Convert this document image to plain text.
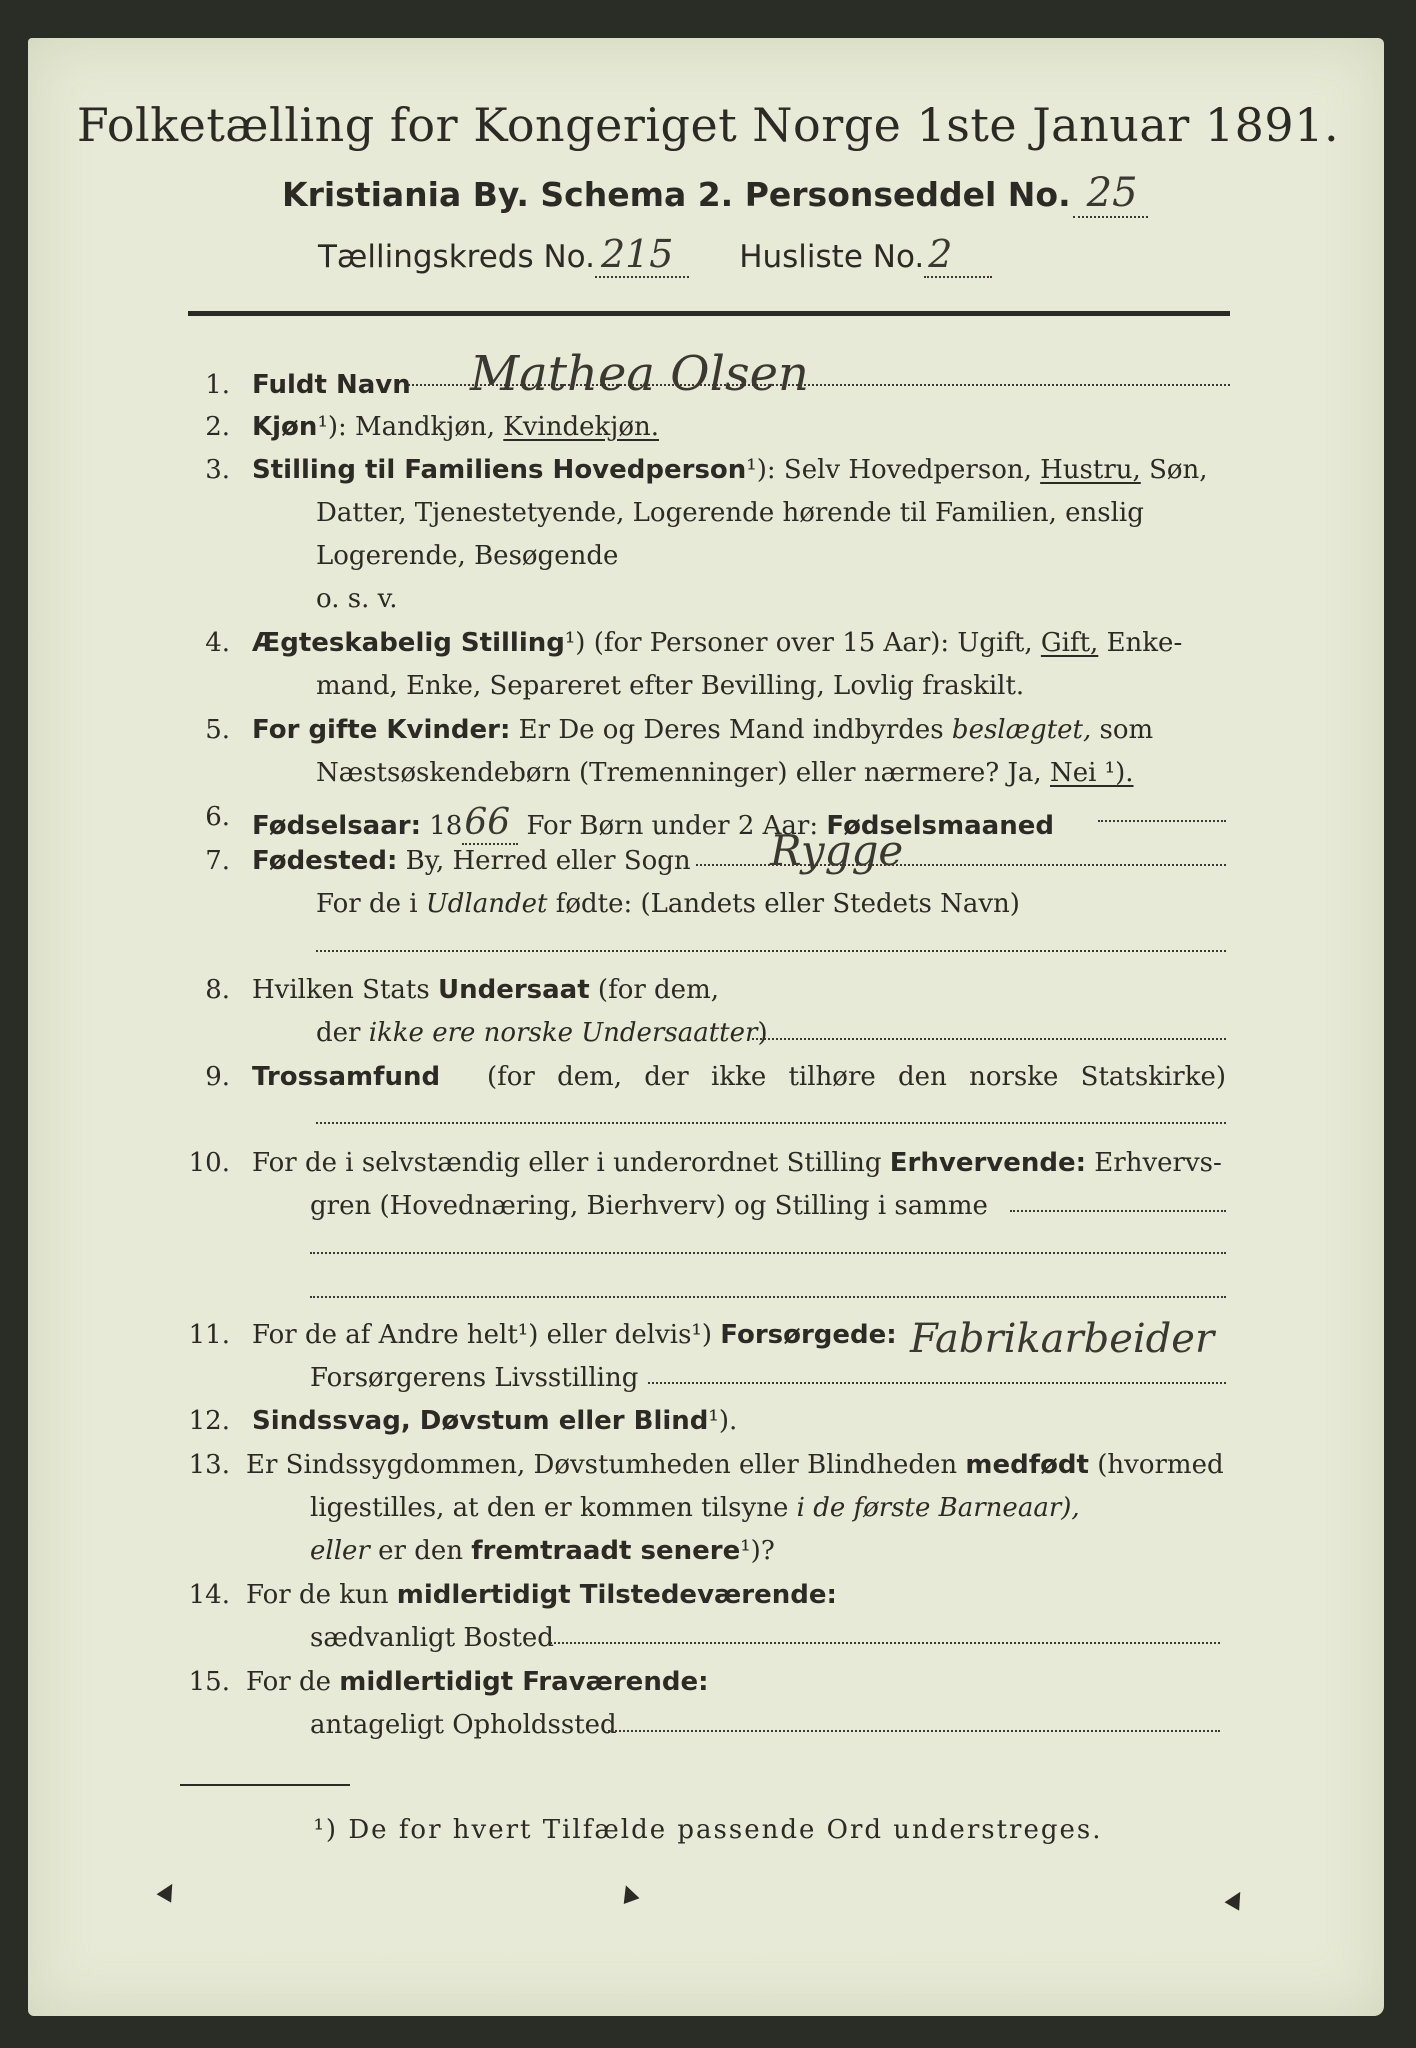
Folketælling for Kongeriget Norge 1ste Januar 1891.
Kristiania By. Schema 2. Personseddel No. 25
Tællingskreds No. 215 Husliste No. 2
1. Fuldt Navn Mathea Olsen
2. Kjøn¹): Mandkjøn, Kvindekjøn.
3. Stilling til Familiens Hovedperson¹): Selv Hovedperson, Hustru, Søn,
Datter, Tjenestetyende, Logerende hørende til Familien, enslig
Logerende, Besøgende
o. s. v.
4. Ægteskabelig Stilling¹) (for Personer over 15 Aar): Ugift, Gift, Enke-
mand, Enke, Separeret efter Bevilling, Lovlig fraskilt.
5. For gifte Kvinder: Er De og Deres Mand indbyrdes beslægtet, som
Næstsøskendebørn (Tremenninger) eller nærmere? Ja, Nei ¹).
6. Fødselsaar: 1866 For Børn under 2 Aar: Fødselsmaaned
7. Fødested: By, Herred eller Sogn Rygge
For de i Udlandet fødte: (Landets eller Stedets Navn)
8. Hvilken Stats Undersaat (for dem,
der ikke ere norske Undersaatter)
9. Trossamfund (for dem, der ikke tilhøre den norske Statskirke)
10. For de i selvstændig eller i underordnet Stilling Erhvervende: Erhvervs-
gren (Hovednæring, Bierhverv) og Stilling i samme
11. For de af Andre helt¹) eller delvis¹) Forsørgede:
Forsørgerens Livsstilling
Fabrikarbeider
12. Sindssvag, Døvstum eller Blind¹).
13. Er Sindssygdommen, Døvstumheden eller Blindheden medfødt (hvormed
ligestilles, at den er kommen tilsyne i de første Barneaar),
eller er den fremtraadt senere¹)?
14. For de kun midlertidigt Tilstedeværende:
sædvanligt Bosted
15. For de midlertidigt Fraværende:
antageligt Opholdssted
¹) De for hvert Tilfælde passende Ord understreges.
▲	▲	▲
